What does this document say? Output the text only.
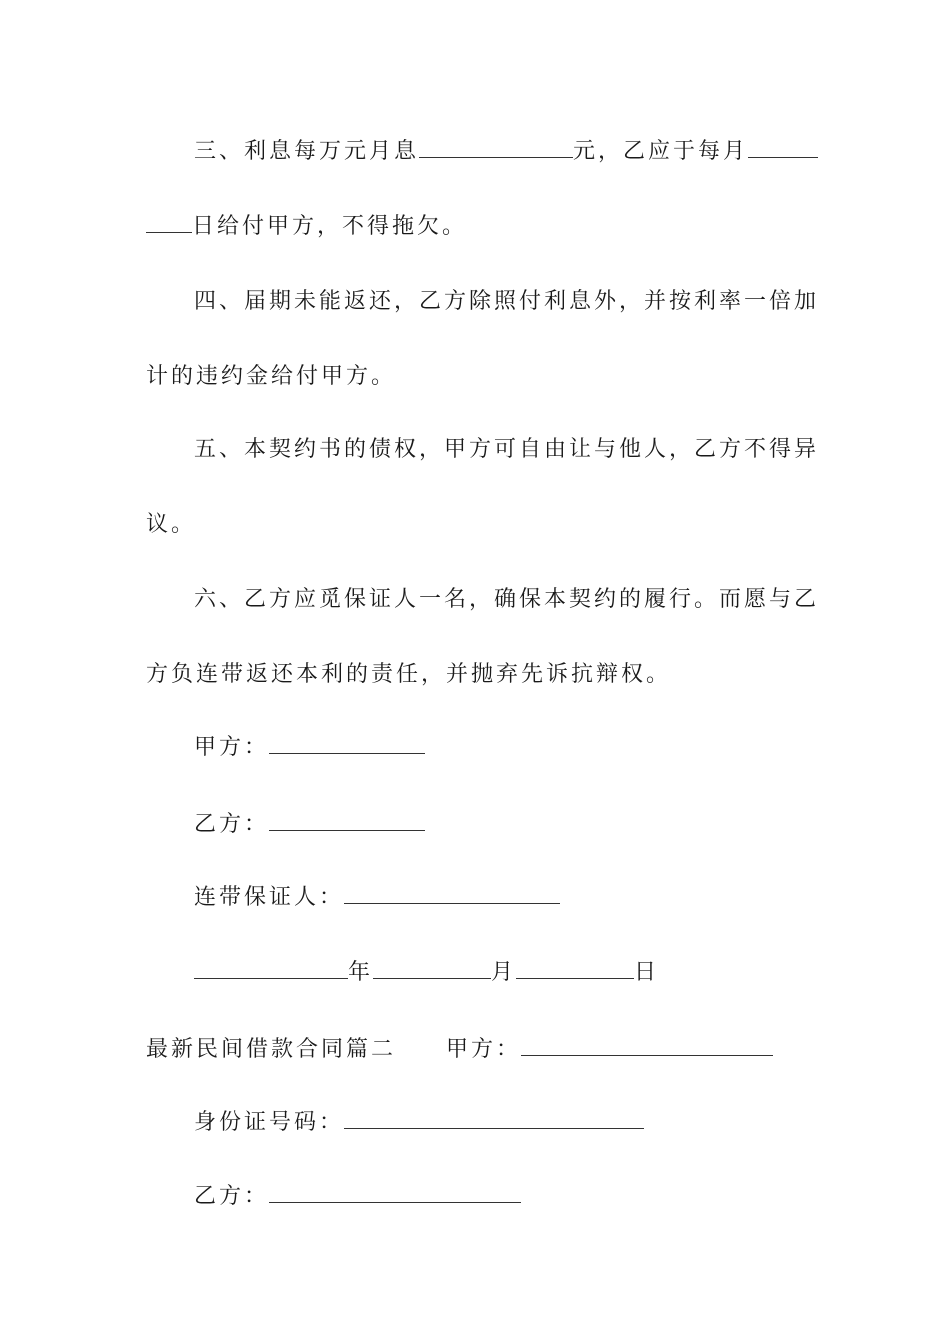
三、利息每万元月息	元，乙应于每月
日给付甲方，不得拖欠。
四、届期未能返还，乙方除照付利息外，并按利率一倍加
计的违约金给付甲方。
五、本契约书的债权，甲方可自由让与他人，乙方不得异
议。
六、乙方应觅保证人一名，确保本契约的履行。而愿与乙
方负连带返还本利的责任，并抛弃先诉抗辩权。
甲方：
乙方：
连带保证人：
年	月	日
最新民间借款合同篇二 甲方：
身份证号码：
乙方：
